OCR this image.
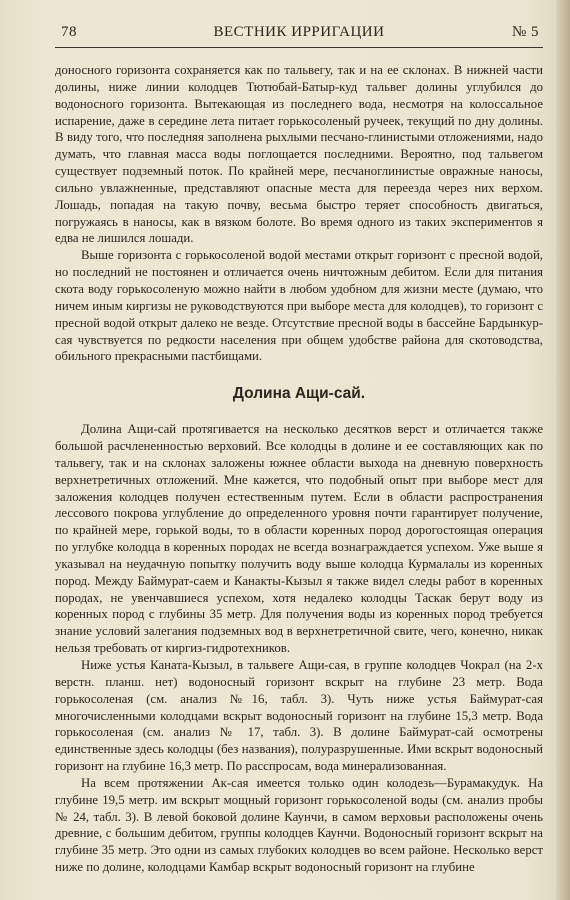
78	ВЕСТНИК ИРРИГАЦИИ	№ 5

доносного горизонта сохраняется как по тальвегу, так и на ее склонах. В нижней части долины, ниже линии колодцев Тютюбай-Батыр-куд тальвег долины углубился до водоносного горизонта. Вытекающая из последнего вода, несмотря на колоссальное испарение, даже в середине лета питает горькосоленый ручеек, текущий по дну долины. В виду того, что последняя заполнена рыхлыми песчано-глинистыми отложениями, надо думать, что главная масса воды поглощается последними. Вероятно, под тальвегом существует подземный поток. По крайней мере, песчаноглинистые овражные наносы, сильно увлажненные, представляют опасные места для переезда через них верхом. Лошадь, попадая на такую почву, весьма быстро теряет способность двигаться, погружаясь в наносы, как в вязком болоте. Во время одного из таких экспериментов я едва не лишился лошади.

Выше горизонта с горькосоленой водой местами открыт горизонт с пресной водой, но последний не постоянен и отличается очень ничтожным дебитом. Если для питания скота воду горькосоленую можно найти в любом удобном для жизни месте (думаю, что ничем иным киргизы не руководствуются при выборе места для колодцев), то горизонт с пресной водой открыт далеко не везде. Отсутствие пресной воды в бассейне Бардынкур-сая чувствуется по редкости населения при общем удобстве района для скотоводства, обильного прекрасными пастбищами.

Долина Ащи-сай.

Долина Ащи-сай протягивается на несколько десятков верст и отличается также большой расчлененностью верховий. Все колодцы в долине и ее составляющих как по тальвегу, так и на склонах заложены южнее области выхода на дневную поверхность верхнетретичных отложений. Мне кажется, что подобный опыт при выборе мест для заложения колодцев получен естественным путем. Если в области распространения лессового покрова углубление до определенного уровня почти гарантирует получение, по крайней мере, горькой воды, то в области коренных пород дорогостоящая операция по углубке колодца в коренных породах не всегда вознаграждается успехом. Уже выше я указывал на неудачную попытку получить воду выше колодца Курмалалы из коренных пород. Между Баймурат-саем и Канакты-Кызыл я также видел следы работ в коренных породах, не увенчавшиеся успехом, хотя недалеко колодцы Таскак берут воду из коренных пород с глубины 35 метр. Для получения воды из коренных пород требуется знание условий залегания подземных вод в верхнетретичной свите, чего, конечно, никак нельзя требовать от киргиз-гидротехников.

Ниже устья Каната-Кызыл, в тальвеге Ащи-сая, в группе колодцев Чокрал (на 2-х верстн. планш. нет) водоносный горизонт вскрыт на глубине 23 метр. Вода горькосоленая (см. анализ №16, табл. 3). Чуть ниже устья Баймурат-сая многочисленными колодцами вскрыт водоносный горизонт на глубине 15,3 метр. Вода горькосоленая (см. анализ № 17, табл. 3). В долине Баймурат-сай осмотрены единственные здесь колодцы (без названия), полуразрушенные. Ими вскрыт водоносный горизонт на глубине 16,3 метр. По расспросам, вода минерализованная.

На всем протяжении Ак-сая имеется только один колодезь—Бурамакудук. На глубине 19,5 метр. им вскрыт мощный горизонт горькосоленой воды (см. анализ пробы № 24, табл. 3). В левой боковой долине Каунчи, в самом верховьи расположены очень древние, с большим дебитом, группы колодцев Каунчи. Водоносный горизонт вскрыт на глубине 35 метр. Это одни из самых глубоких колодцев во всем районе. Несколько верст ниже по долине, колодцами Камбар вскрыт водоносный горизонт на глубине
